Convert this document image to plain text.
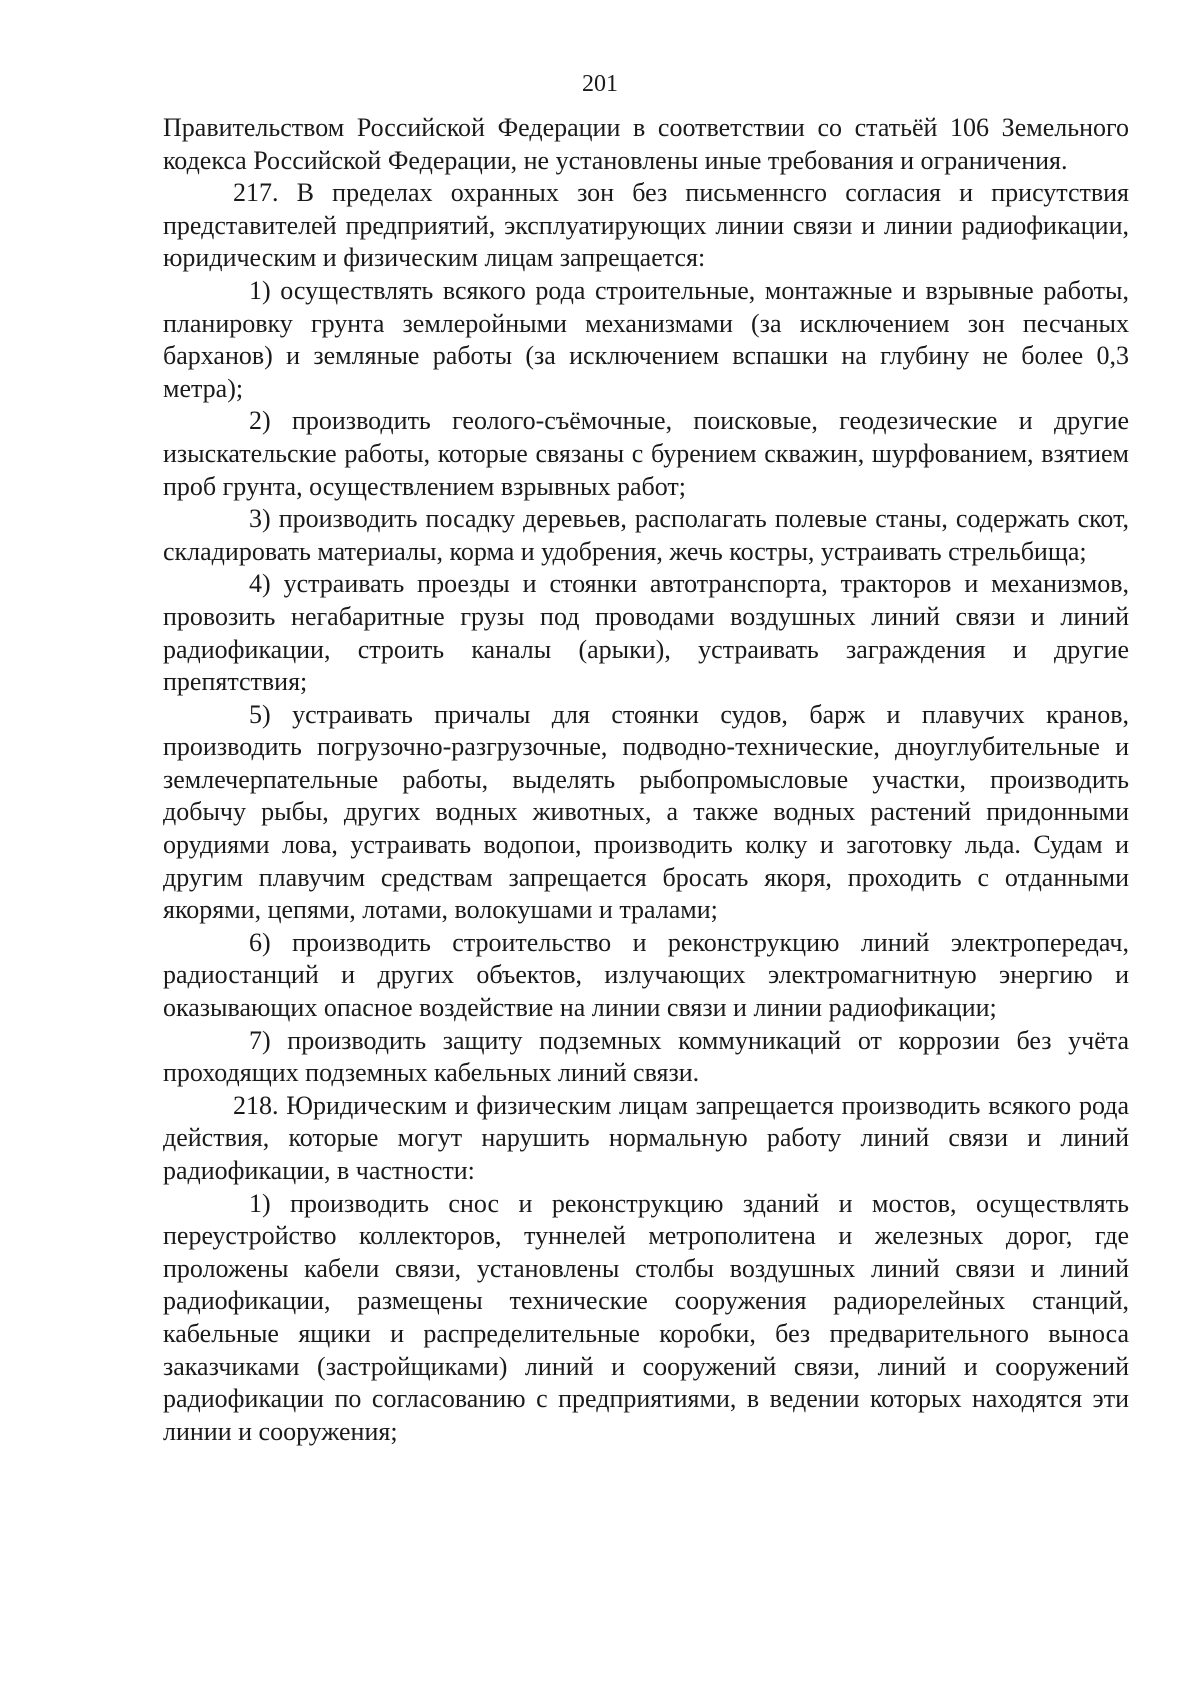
201

Правительством Российской Федерации в соответствии со статьёй 106 Земельного кодекса Российской Федерации, не установлены иные требования и ограничения.

217. В пределах охранных зон без письменнсго согласия и присутствия представителей предприятий, эксплуатирующих линии связи и линии радиофикации, юридическим и физическим лицам запрещается:

1) осуществлять всякого рода строительные, монтажные и взрывные работы, планировку грунта землеройными механизмами (за исключением зон песчаных барханов) и земляные работы (за исключением вспашки на глубину не более 0,3 метра);

2) производить геолого-съёмочные, поисковые, геодезические и другие изыскательские работы, которые связаны с бурением скважин, шурфованием, взятием проб грунта, осуществлением взрывных работ;

3) производить посадку деревьев, располагать полевые станы, содержать скот, складировать материалы, корма и удобрения, жечь костры, устраивать стрельбища;

4) устраивать проезды и стоянки автотранспорта, тракторов и механизмов, провозить негабаритные грузы под проводами воздушных линий связи и линий радиофикации, строить каналы (арыки), устраивать заграждения и другие препятствия;

5) устраивать причалы для стоянки судов, барж и плавучих кранов, производить погрузочно-разгрузочные, подводно-технические, дноуглубительные и землечерпательные работы, выделять рыбопромысловые участки, производить добычу рыбы, других водных животных, а также водных растений придонными орудиями лова, устраивать водопои, производить колку и заготовку льда. Судам и другим плавучим средствам запрещается бросать якоря, проходить с отданными якорями, цепями, лотами, волокушами и тралами;

6) производить строительство и реконструкцию линий электропередач, радиостанций и других объектов, излучающих электромагнитную энергию и оказывающих опасное воздействие на линии связи и линии радиофикации;

7) производить защиту подземных коммуникаций от коррозии без учёта проходящих подземных кабельных линий связи.

218. Юридическим и физическим лицам запрещается производить всякого рода действия, которые могут нарушить нормальную работу линий связи и линий радиофикации, в частности:

1) производить снос и реконструкцию зданий и мостов, осуществлять переустройство коллекторов, туннелей метрополитена и железных дорог, где проложены кабели связи, установлены столбы воздушных линий связи и линий радиофикации, размещены технические сооружения радиорелейных станций, кабельные ящики и распределительные коробки, без предварительного выноса заказчиками (застройщиками) линий и сооружений связи, линий и сооружений радиофикации по согласованию с предприятиями, в ведении которых находятся эти линии и сооружения;
